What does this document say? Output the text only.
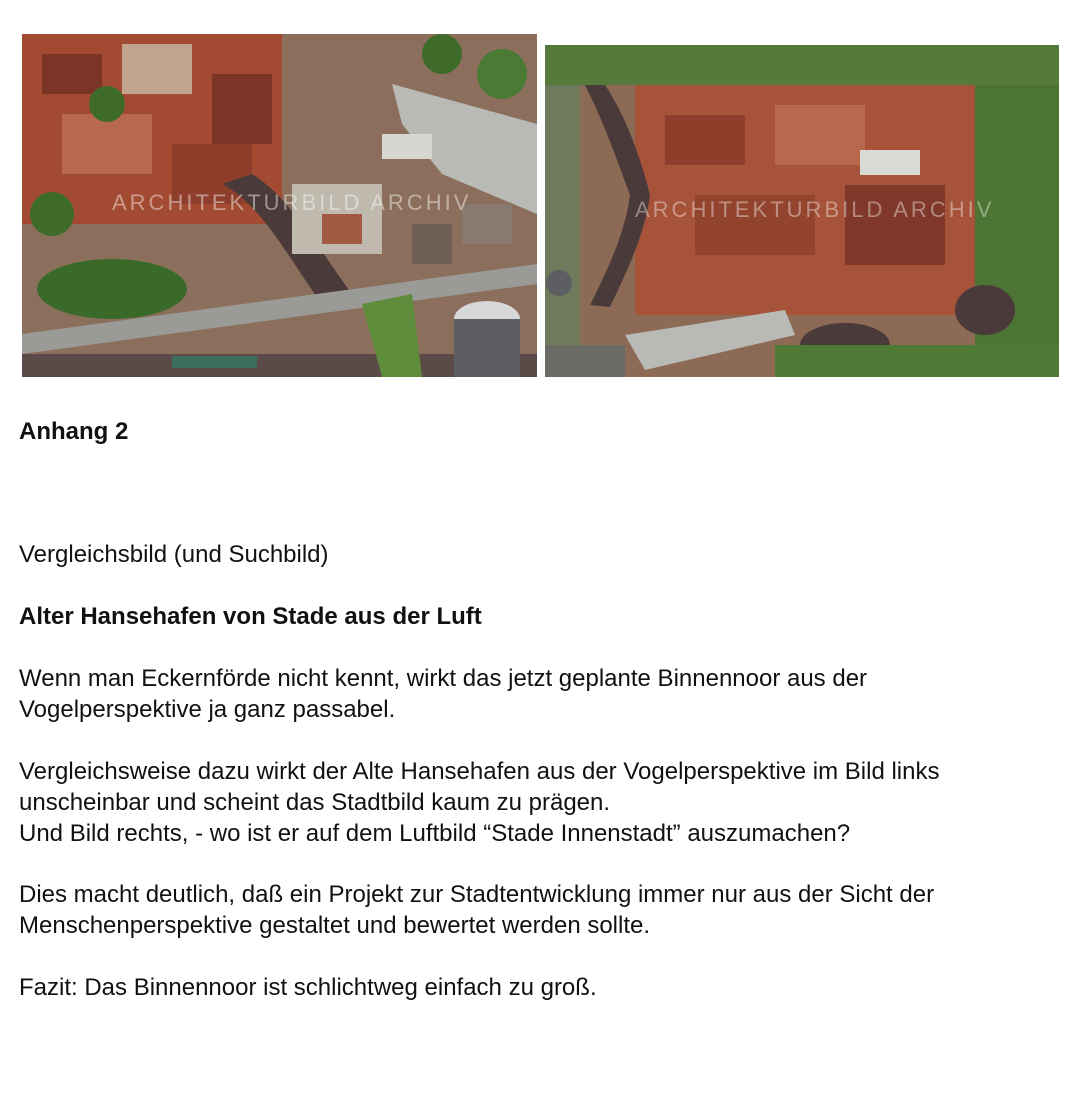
ARCHITEKTURBILD ARCHIV	ARCHITEKTURBILD ARCHIV
Anhang 2
Vergleichsbild (und Suchbild)
Alter Hansehafen von Stade aus der Luft
Wenn man Eckernförde nicht kennt, wirkt das jetzt geplante Binnennoor aus der
Vogelperspektive ja ganz passabel.
Vergleichsweise dazu wirkt der Alte Hansehafen aus der Vogelperspektive im Bild links
unscheinbar und scheint das Stadtbild kaum zu prägen.
Und Bild rechts, - wo ist er auf dem Luftbild “Stade Innenstadt” auszumachen?
Dies macht deutlich, daß ein Projekt zur Stadtentwicklung immer nur aus der Sicht der
Menschenperspektive gestaltet und bewertet werden sollte.
Fazit: Das Binnennoor ist schlichtweg einfach zu groß.
